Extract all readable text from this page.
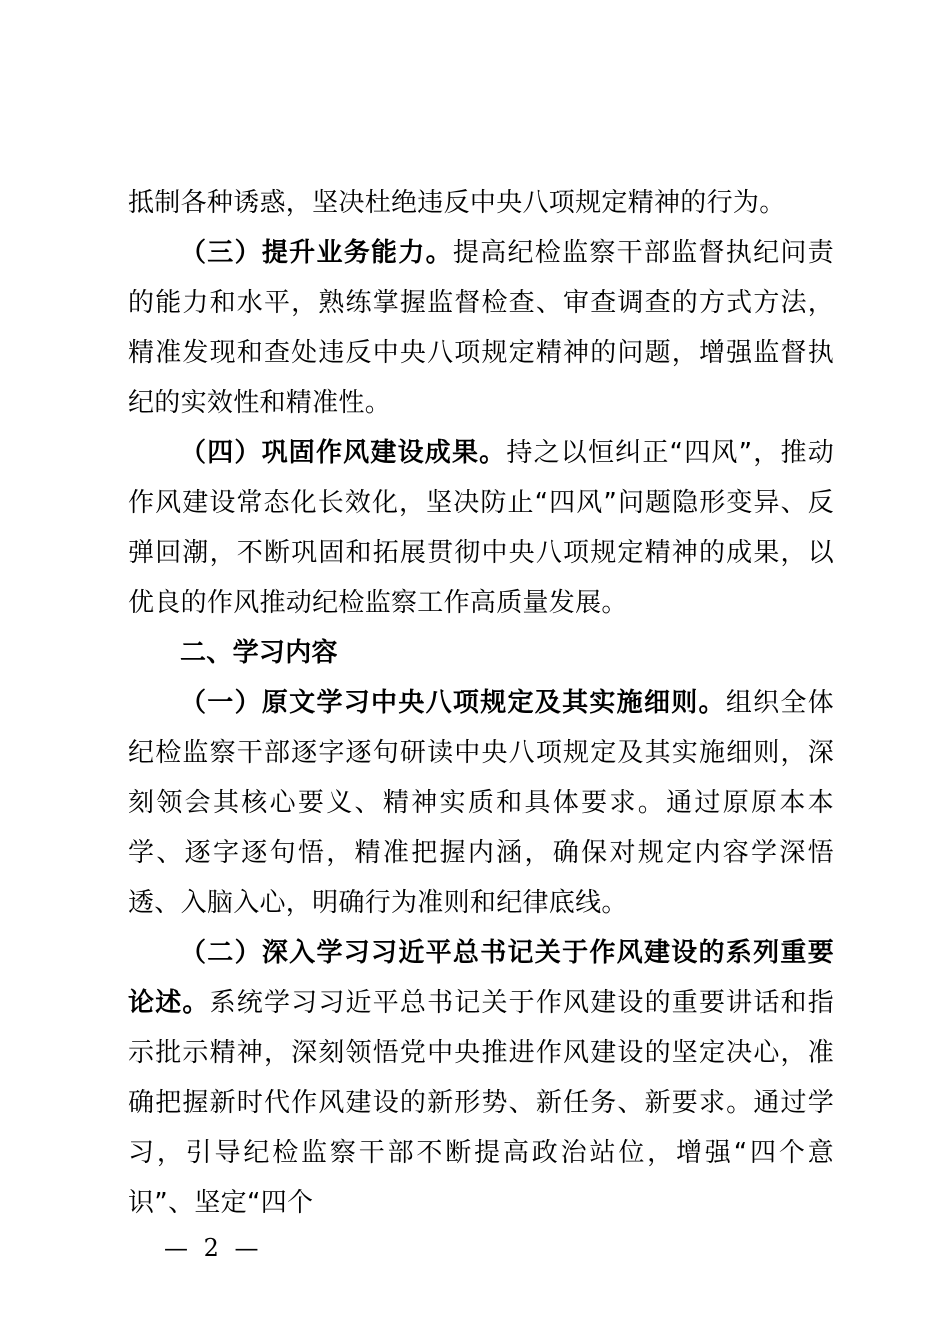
抵制各种诱惑，坚决杜绝违反中央八项规定精神的行为。

（三）提升业务能力。提高纪检监察干部监督执纪问责的能力和水平，熟练掌握监督检查、审查调查的方式方法，精准发现和查处违反中央八项规定精神的问题，增强监督执纪的实效性和精准性。

（四）巩固作风建设成果。持之以恒纠正“四风”，推动作风建设常态化长效化，坚决防止“四风”问题隐形变异、反弹回潮，不断巩固和拓展贯彻中央八项规定精神的成果，以优良的作风推动纪检监察工作高质量发展。

二、学习内容

（一）原文学习中央八项规定及其实施细则。组织全体纪检监察干部逐字逐句研读中央八项规定及其实施细则，深刻领会其核心要义、精神实质和具体要求。通过原原本本学、逐字逐句悟，精准把握内涵，确保对规定内容学深悟透、入脑入心，明确行为准则和纪律底线。

（二）深入学习习近平总书记关于作风建设的系列重要论述。系统学习习近平总书记关于作风建设的重要讲话和指示批示精神，深刻领悟党中央推进作风建设的坚定决心，准确把握新时代作风建设的新形势、新任务、新要求。通过学习，引导纪检监察干部不断提高政治站位，增强“四个意识”、坚定“四个

— 2 —
